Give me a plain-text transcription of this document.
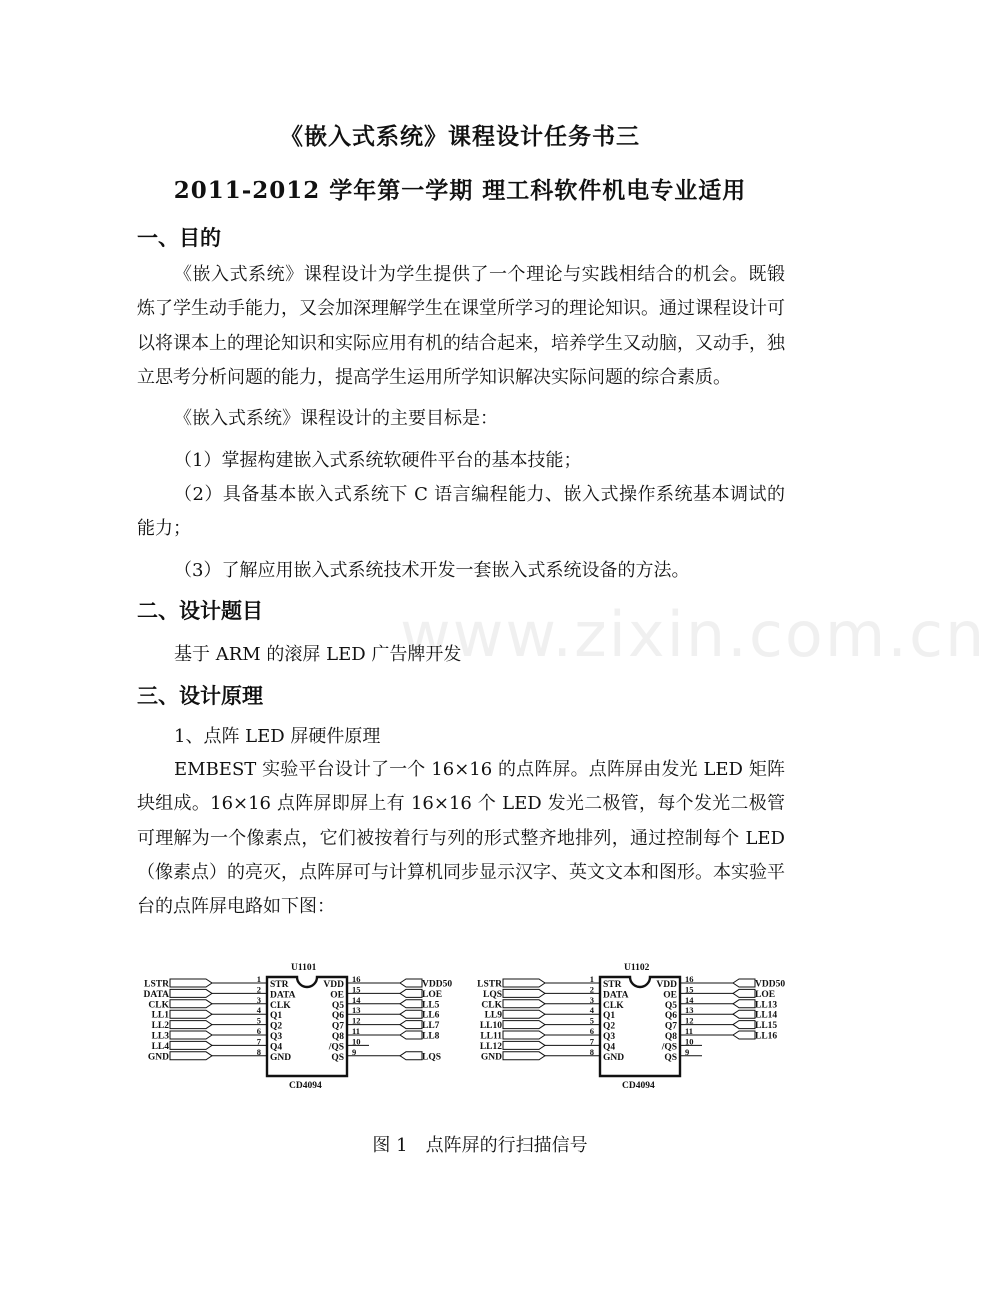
《嵌入式系统》课程设计任务书三
2011-2012 学年第一学期 理工科软件机电专业适用
一、目的
《嵌入式系统》课程设计为学生提供了一个理论与实践相结合的机会。既锻炼了学生动手能力，又会加深理解学生在课堂所学习的理论知识。通过课程设计可以将课本上的理论知识和实际应用有机的结合起来，培养学生又动脑，又动手，独立思考分析问题的能力，提高学生运用所学知识解决实际问题的综合素质。
《嵌入式系统》课程设计的主要目标是：
（1）掌握构建嵌入式系统软硬件平台的基本技能；
（2）具备基本嵌入式系统下 C 语言编程能力、嵌入式操作系统基本调试的能力；
（3）了解应用嵌入式系统技术开发一套嵌入式系统设备的方法。
二、设计题目
基于 ARM 的滚屏 LED 广告牌开发
三、设计原理
1、点阵 LED 屏硬件原理
EMBEST 实验平台设计了一个 16×16 的点阵屏。点阵屏由发光 LED 矩阵块组成。16×16 点阵屏即屏上有 16×16 个 LED 发光二极管，每个发光二极管可理解为一个像素点，它们被按着行与列的形式整齐地排列，通过控制每个 LED（像素点）的亮灭，点阵屏可与计算机同步显示汉字、英文文本和图形。本实验平台的点阵屏电路如下图：
www.zixin.com.cn
U1101
CD4094
LSTR
1
STR	VDD
16
VDD50
DATA
2
DATA	OE
15
LOE
CLK
3
CLK	Q5
14
LL5
LL1
4
Q1	Q6
13
LL6
LL2
5
Q2	Q7
12
LL7
LL3
6
Q3	Q8
11
LL8
LL4
7
Q4	/QS
10
GND
8
GND	QS
9
LQS
U1102
CD4094
LSTR
1
STR	VDD
16
VDD50
LQS
2
DATA	OE
15
LOE
CLK
3
CLK	Q5
14
LL13
LL9
4
Q1	Q6
13
LL14
LL10
5
Q2	Q7
12
LL15
LL11
6
Q3	Q8
11
LL16
LL12
7
Q4	/QS
10
GND
8
GND	QS
9
图 1　点阵屏的行扫描信号
